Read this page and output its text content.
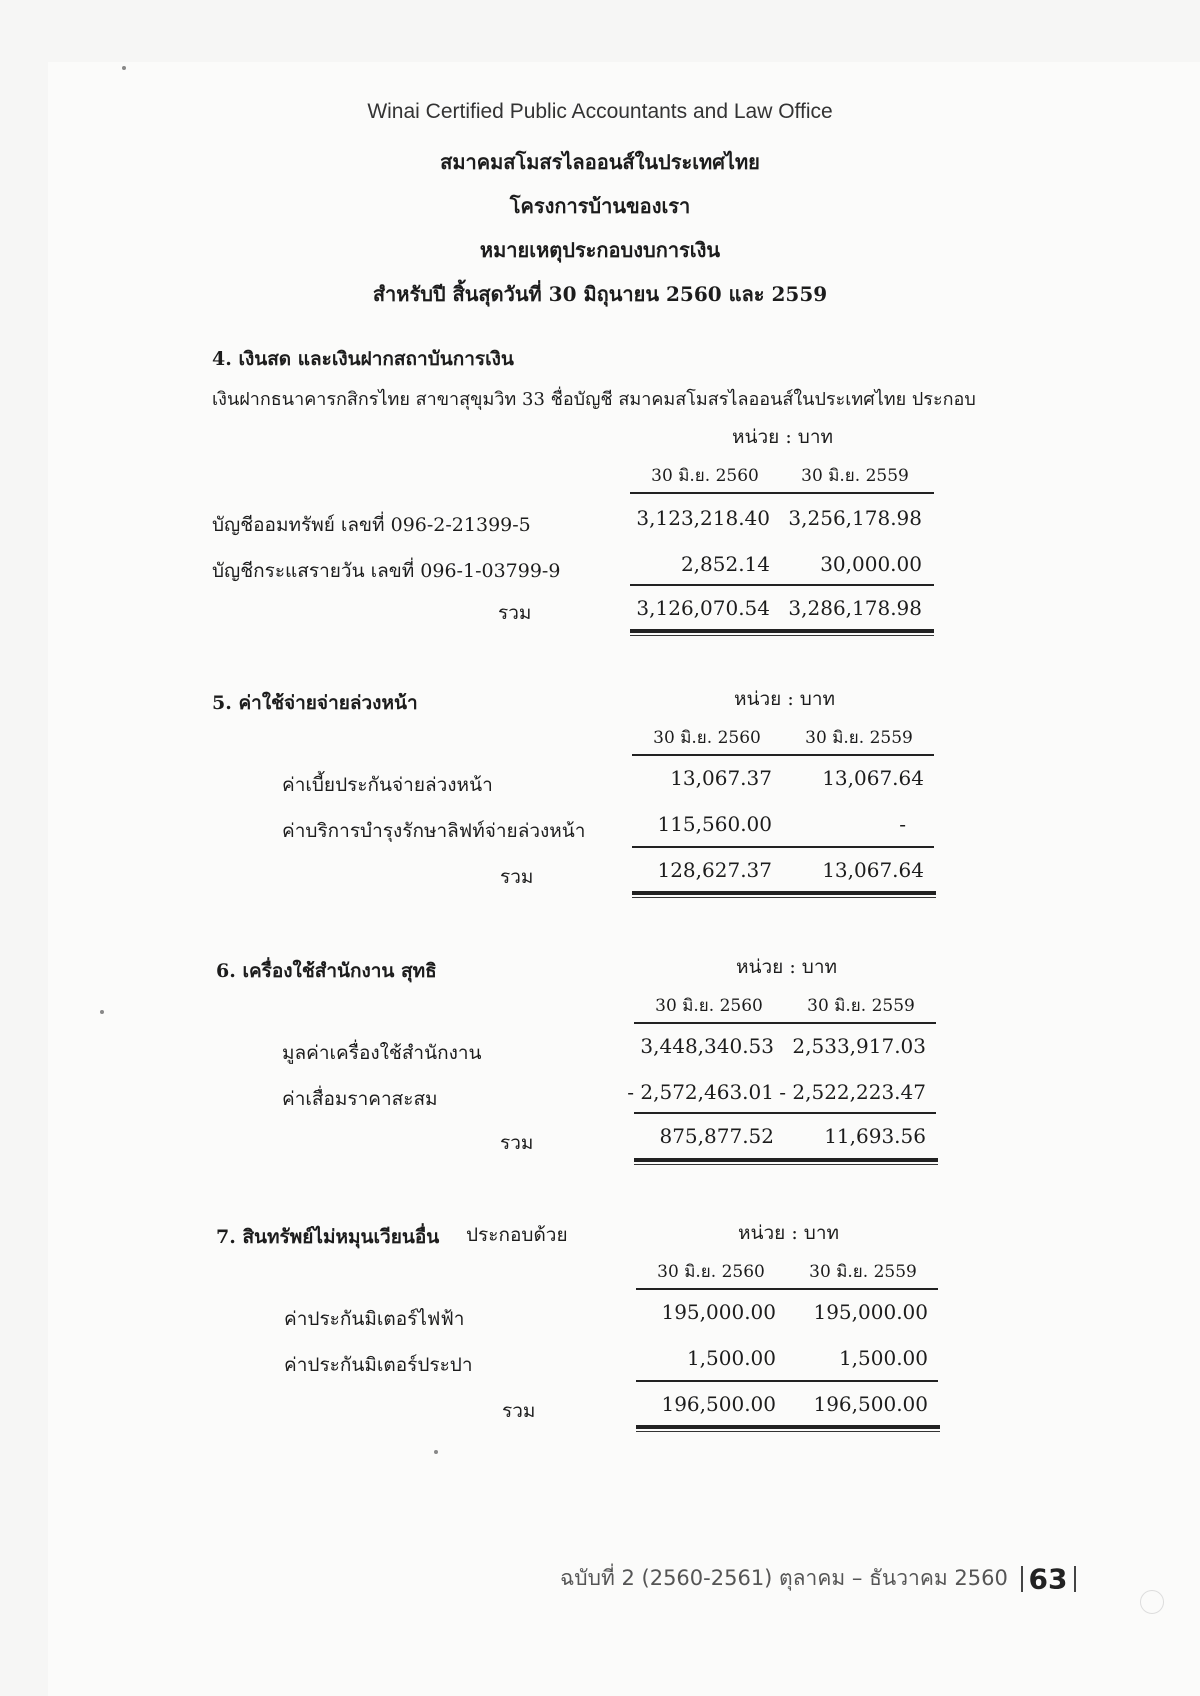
Winai Certified Public Accountants and Law Office
สมาคมสโมสรไลออนส์ในประเทศไทย
โครงการบ้านของเรา
หมายเหตุประกอบงบการเงิน
สำหรับปี สิ้นสุดวันที่ 30 มิถุนายน 2560 และ 2559
4. เงินสด และเงินฝากสถาบันการเงิน
เงินฝากธนาคารกสิกรไทย สาขาสุขุมวิท 33 ชื่อบัญชี สมาคมสโมสรไลออนส์ในประเทศไทย ประกอบ
หน่วย : บาท
30 มิ.ย. 2560	30 มิ.ย. 2559
บัญชีออมทรัพย์ เลขที่ 096-2-21399-5	3,123,218.40 3,256,178.98
บัญชีกระแสรายวัน เลขที่ 096-1-03799-9	2,852.14	30,000.00
รวม	3,126,070.54 3,286,178.98
5. ค่าใช้จ่ายจ่ายล่วงหน้า	หน่วย : บาท
30 มิ.ย. 2560	30 มิ.ย. 2559
ค่าเบี้ยประกันจ่ายล่วงหน้า	13,067.37	13,067.64
ค่าบริการบำรุงรักษาลิฟท์จ่ายล่วงหน้า	115,560.00	-
รวม	128,627.37	13,067.64
6. เครื่องใช้สำนักงาน สุทธิ	หน่วย : บาท
30 มิ.ย. 2560	30 มิ.ย. 2559
มูลค่าเครื่องใช้สำนักงาน	3,448,340.53 2,533,917.03
ค่าเสื่อมราคาสะสม	- 2,572,463.01 - 2,522,223.47
รวม	875,877.52	11,693.56
7. สินทรัพย์ไม่หมุนเวียนอื่น ประกอบด้วย	หน่วย : บาท
30 มิ.ย. 2560	30 มิ.ย. 2559
ค่าประกันมิเตอร์ไฟฟ้า	195,000.00	195,000.00
ค่าประกันมิเตอร์ประปา	1,500.00	1,500.00
รวม	196,500.00	196,500.00
ฉบับที่ 2 (2560-2561) ตุลาคม – ธันวาคม 2560 63
